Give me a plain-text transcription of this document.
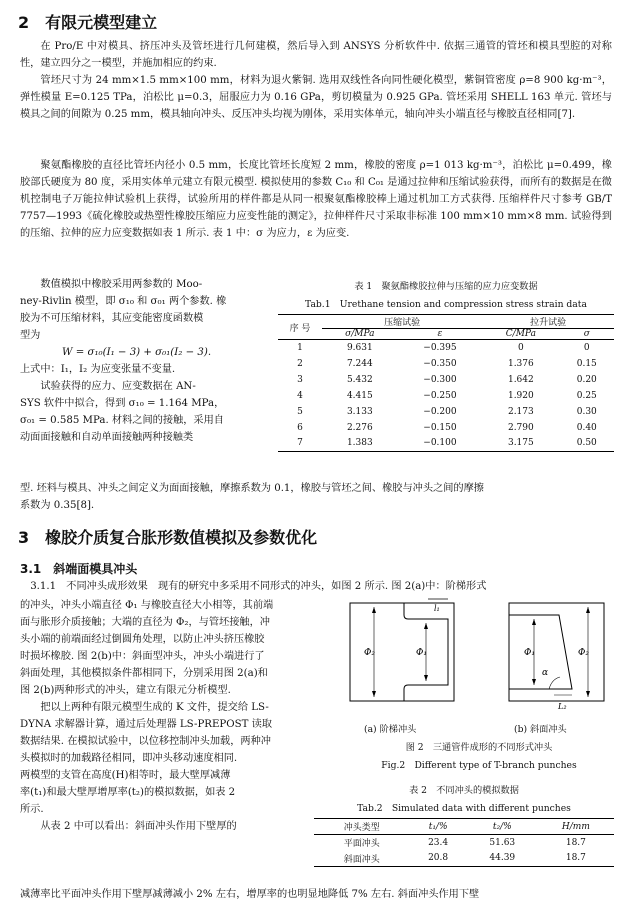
2　有限元模型建立
在 Pro/E 中对模具、挤压冲头及管坯进行几何建模，然后导入到 ANSYS 分析软件中. 依据三通管的管坯和模具型腔的对称性，建立四分之一模型，并施加相应的约束.
管坯尺寸为 24 mm×1.5 mm×100 mm，材料为退火紫铜. 选用双线性各向同性硬化模型，紫铜管密度 ρ=8 900 kg·m⁻³，弹性模量 E=0.125 TPa，泊松比 μ=0.3，屈服应力为 0.16 GPa，剪切模量为 0.925 GPa. 管坯采用 SHELL 163 单元. 管坯与模具之间的间隙为 0.25 mm，模具轴向冲头、反压冲头均视为刚体，采用实体单元，轴向冲头小端直径与橡胶直径相同[7].
聚氨酯橡胶的直径比管坯内径小 0.5 mm，长度比管坯长度短 2 mm，橡胶的密度 ρ=1 013 kg·m⁻³，泊松比 μ=0.499，橡胶部氏硬度为 80 度，采用实体单元建立有限元模型. 模拟使用的参数 C₁₀ 和 C₀₁ 是通过拉伸和压缩试验获得，而所有的数据是在微机控制电子万能拉伸试验机上获得，试验所用的样件都是从同一根聚氨酯橡胶棒上通过机加工方式获得. 压缩样件尺寸参考 GB/T 7757—1993《硫化橡胶或热塑性橡胶压缩应力应变性能的测定》，拉伸样件尺寸采取非标准 100 mm×10 mm×8 mm. 试验得到的压缩、拉伸的应力应变数据如表 1 所示. 表 1 中：σ 为应力，ε 为应变.
数值模拟中橡胶采用两参数的 Moo-
ney-Rivlin 模型，即 σ₁₀ 和 σ₀₁ 两个参数. 橡
胶为不可压缩材料，其应变能密度函数模
型为
W = σ₁₀(I₁ − 3) + σ₀₁(I₂ − 3).
上式中：I₁，I₂ 为应变张量不变量.
试验获得的应力、应变数据在 AN-
SYS 软件中拟合，得到 σ₁₀ = 1.164 MPa，
σ₀₁ = 0.585 MPa. 材料之间的接触，采用自
动面面接触和自动单面接触两种接触类
表 1　聚氨酯橡胶拉伸与压缩的应力应变数据
Tab.1　Urethane tension and compression stress strain data
序 号	压缩试验		拉升试验	
	σ/MPa	ε	C/MPa	σ
1	9.631	−0.395	0	0
2	7.244	−0.350	1.376	0.15
3	5.432	−0.300	1.642	0.20
4	4.415	−0.250	1.920	0.25
5	3.133	−0.200	2.173	0.30
6	2.276	−0.150	2.790	0.40
7	1.383	−0.100	3.175	0.50
型. 坯料与模具、冲头之间定义为面面接触，摩擦系数为 0.1，橡胶与管坯之间、橡胶与冲头之间的摩擦
系数为 0.35[8].
3　橡胶介质复合胀形数值模拟及参数优化
3.1　斜端面模具冲头
3.1.1　不同冲头成形效果　现有的研究中多采用不同形式的冲头，如图 2 所示. 图 2(a)中：阶梯形式
的冲头，冲头小端直径 Φ₁ 与橡胶直径大小相等，其前端
面与胀形介质接触；大端的直径为 Φ₂，与管坯接触，冲
头小端的前端面经过倒圆角处理，以防止冲头挤压橡胶
时损坏橡胶. 图 2(b)中：斜面型冲头，冲头小端进行了
斜面处理，其他模拟条件都相同下，分别采用图 2(a)和
图 2(b)两种形式的冲头，建立有限元分析模型.
　　把以上两种有限元模型生成的 K 文件，提交给 LS-
DYNA 求解器计算，通过后处理器 LS-PREPOST 读取
数据结果. 在模拟试验中，以位移控制冲头加载，两种冲
头模拟时的加载路径相同，即冲头移动速度相同.
两模型的支管在高度(H)相等时，最大壁厚减薄
率(t₁)和最大壁厚增厚率(t₂)的模拟数据，如表 2
所示.
　　从表 2 中可以看出：斜面冲头作用下壁厚的
减薄率比平面冲头作用下壁厚减薄减小 2% 左右，增厚率的也明显地降低 7% 左右. 斜面冲头作用下壁
Φ₂	Φ₁
l₁
Φ₁	Φ₂
α
L₂
(a) 阶梯冲头	(b) 斜面冲头
图 2　三通管件成形的不同形式冲头
Fig.2　Different type of T-branch punches
表 2　不同冲头的模拟数据
Tab.2　Simulated data with different punches
冲头类型	t₁/%	t₂/%	H/mm
平面冲头	23.4	51.63	18.7
斜面冲头	20.8	44.39	18.7
